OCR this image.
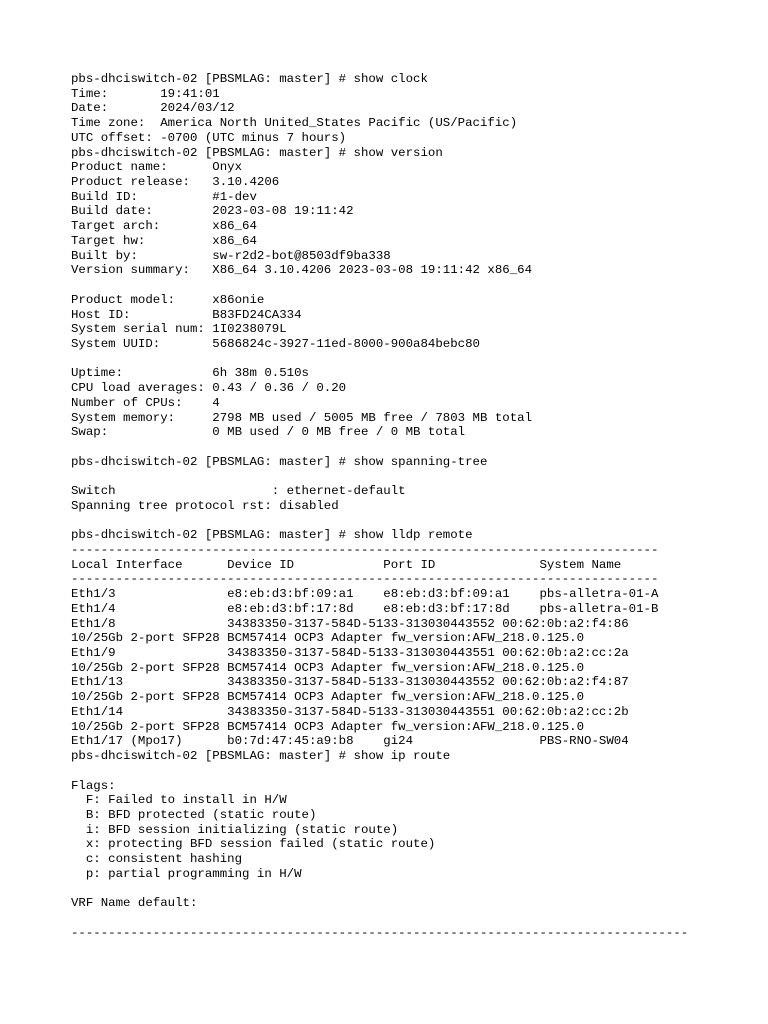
pbs-dhciswitch-02 [PBSMLAG: master] # show clock
Time:       19:41:01
Date:       2024/03/12
Time zone:  America North United_States Pacific (US/Pacific)
UTC offset: -0700 (UTC minus 7 hours)
pbs-dhciswitch-02 [PBSMLAG: master] # show version
Product name:      Onyx
Product release:   3.10.4206
Build ID:          #1-dev
Build date:        2023-03-08 19:11:42
Target arch:       x86_64
Target hw:         x86_64
Built by:          sw-r2d2-bot@8503df9ba338
Version summary:   X86_64 3.10.4206 2023-03-08 19:11:42 x86_64
Product model:     x86onie
Host ID:           B83FD24CA334
System serial num: 1I0238079L
System UUID:       5686824c-3927-11ed-8000-900a84bebc80
Uptime:            6h 38m 0.510s
CPU load averages: 0.43 / 0.36 / 0.20
Number of CPUs:    4
System memory:     2798 MB used / 5005 MB free / 7803 MB total
Swap:              0 MB used / 0 MB free / 0 MB total
pbs-dhciswitch-02 [PBSMLAG: master] # show spanning-tree
Switch                     : ethernet-default
Spanning tree protocol rst: disabled
pbs-dhciswitch-02 [PBSMLAG: master] # show lldp remote
-------------------------------------------------------------------------------
Local Interface      Device ID            Port ID              System Name
-------------------------------------------------------------------------------
Eth1/3               e8:eb:d3:bf:09:a1    e8:eb:d3:bf:09:a1    pbs-alletra-01-A
Eth1/4               e8:eb:d3:bf:17:8d    e8:eb:d3:bf:17:8d    pbs-alletra-01-B
Eth1/8               34383350-3137-584D-5133-313030443552 00:62:0b:a2:f4:86
10/25Gb 2-port SFP28 BCM57414 OCP3 Adapter fw_version:AFW_218.0.125.0
Eth1/9               34383350-3137-584D-5133-313030443551 00:62:0b:a2:cc:2a
10/25Gb 2-port SFP28 BCM57414 OCP3 Adapter fw_version:AFW_218.0.125.0
Eth1/13              34383350-3137-584D-5133-313030443552 00:62:0b:a2:f4:87
10/25Gb 2-port SFP28 BCM57414 OCP3 Adapter fw_version:AFW_218.0.125.0
Eth1/14              34383350-3137-584D-5133-313030443551 00:62:0b:a2:cc:2b
10/25Gb 2-port SFP28 BCM57414 OCP3 Adapter fw_version:AFW_218.0.125.0
Eth1/17 (Mpo17)      b0:7d:47:45:a9:b8    gi24                 PBS-RNO-SW04
pbs-dhciswitch-02 [PBSMLAG: master] # show ip route
Flags:
F: Failed to install in H/W
B: BFD protected (static route)
i: BFD session initializing (static route)
x: protecting BFD session failed (static route)
c: consistent hashing
p: partial programming in H/W
VRF Name default:
-----------------------------------------------------------------------------------
